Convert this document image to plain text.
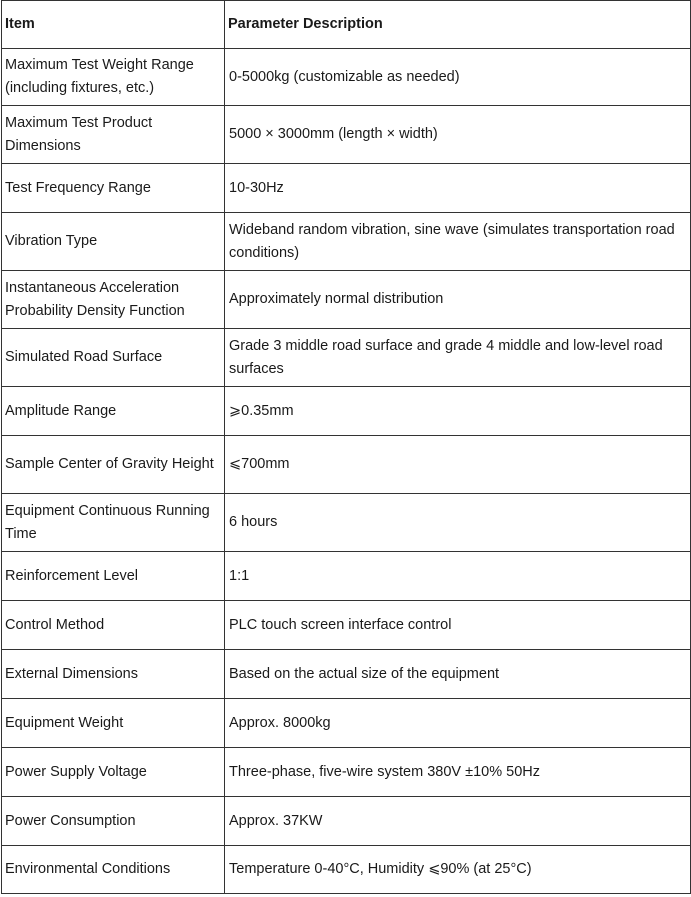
Item	Parameter Description
Maximum Test Weight Range (including fixtures, etc.)	0-5000kg (customizable as needed)
Maximum Test Product Dimensions	5000 × 3000mm (length × width)
Test Frequency Range	10-30Hz
Vibration Type	Wideband random vibration, sine wave (simulates transportation road conditions)
Instantaneous Acceleration Probability Density Function	Approximately normal distribution
Simulated Road Surface	Grade 3 middle road surface and grade 4 middle and low-level road surfaces
Amplitude Range	⩾0.35mm
Sample Center of Gravity Height	⩽700mm
Equipment Continuous Running Time	6 hours
Reinforcement Level	1:1
Control Method	PLC touch screen interface control
External Dimensions	Based on the actual size of the equipment
Equipment Weight	Approx. 8000kg
Power Supply Voltage	Three-phase, five-wire system 380V ±10% 50Hz
Power Consumption	Approx. 37KW
Environmental Conditions	Temperature 0-40°C, Humidity ⩽90% (at 25°C)
